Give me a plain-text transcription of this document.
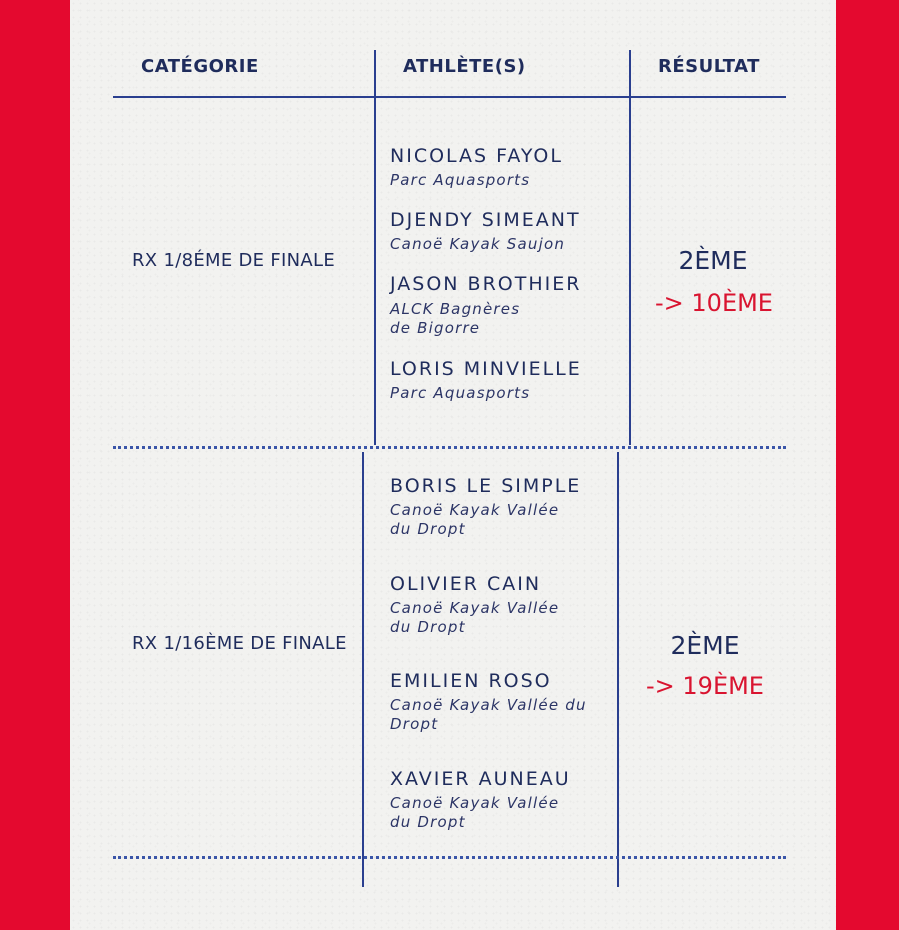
CATÉGORIE	ATHLÈTE(S)	RÉSULTAT
RX 1/8ÉME DE FINALE
NICOLAS FAYOL
Parc Aquasports
DJENDY SIMEANT
Canoë Kayak Saujon
JASON BROTHIER
ALCK Bagnères
de Bigorre
LORIS MINVIELLE
Parc Aquasports
2ÈME
-> 10ÈME
RX 1/16ÈME DE FINALE
BORIS LE SIMPLE
Canoë Kayak Vallée
du Dropt
OLIVIER CAIN
Canoë Kayak Vallée
du Dropt
EMILIEN ROSO
Canoë Kayak Vallée du
Dropt
XAVIER AUNEAU
Canoë Kayak Vallée
du Dropt
2ÈME
-> 19ÈME
